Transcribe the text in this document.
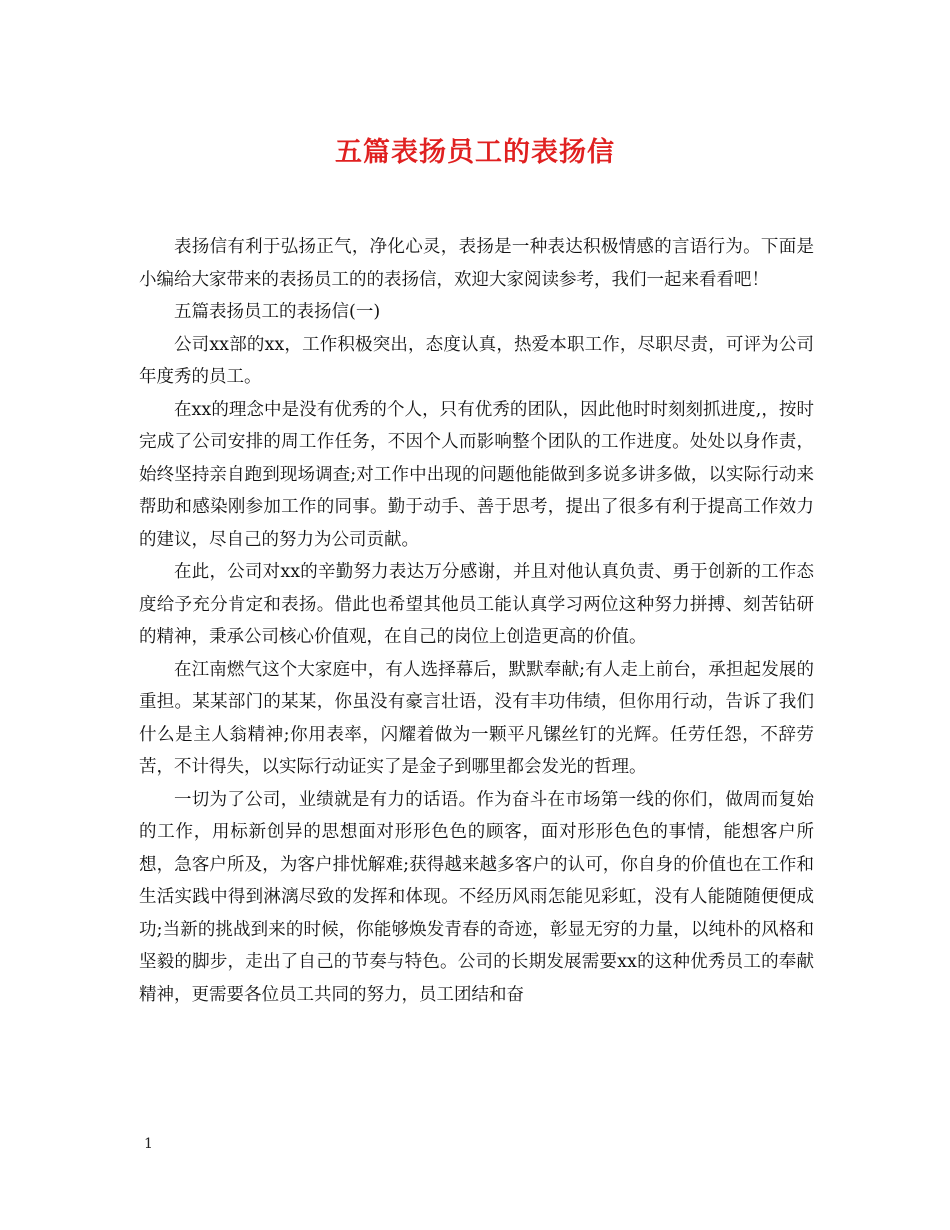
五篇表扬员工的表扬信

表扬信有利于弘扬正气，净化心灵，表扬是一种表达积极情感的言语行为。下面是小编给大家带来的表扬员工的的表扬信，欢迎大家阅读参考，我们一起来看看吧！

五篇表扬员工的表扬信(一)

公司xx部的xx，工作积极突出，态度认真，热爱本职工作，尽职尽责，可评为公司年度秀的员工。

在xx的理念中是没有优秀的个人，只有优秀的团队，因此他时时刻刻抓进度,，按时完成了公司安排的周工作任务，不因个人而影响整个团队的工作进度。处处以身作责，始终坚持亲自跑到现场调查;对工作中出现的问题他能做到多说多讲多做，以实际行动来帮助和感染刚参加工作的同事。勤于动手、善于思考，提出了很多有利于提高工作效力的建议，尽自己的努力为公司贡献。

在此，公司对xx的辛勤努力表达万分感谢，并且对他认真负责、勇于创新的工作态度给予充分肯定和表扬。借此也希望其他员工能认真学习两位这种努力拼搏、刻苦钻研的精神，秉承公司核心价值观，在自己的岗位上创造更高的价值。

在江南燃气这个大家庭中，有人选择幕后，默默奉献;有人走上前台，承担起发展的重担。某某部门的某某，你虽没有豪言壮语，没有丰功伟绩，但你用行动，告诉了我们什么是主人翁精神;你用表率，闪耀着做为一颗平凡镙丝钉的光辉。任劳任怨，不辞劳苦，不计得失，以实际行动证实了是金子到哪里都会发光的哲理。

一切为了公司，业绩就是有力的话语。作为奋斗在市场第一线的你们，做周而复始的工作，用标新创异的思想面对形形色色的顾客，面对形形色色的事情，能想客户所想，急客户所及，为客户排忧解难;获得越来越多客户的认可，你自身的价值也在工作和生活实践中得到淋漓尽致的发挥和体现。不经历风雨怎能见彩虹，没有人能随随便便成功;当新的挑战到来的时候，你能够焕发青春的奇迹，彰显无穷的力量，以纯朴的风格和坚毅的脚步，走出了自己的节奏与特色。公司的长期发展需要xx的这种优秀员工的奉献精神，更需要各位员工共同的努力，员工团结和奋

1
